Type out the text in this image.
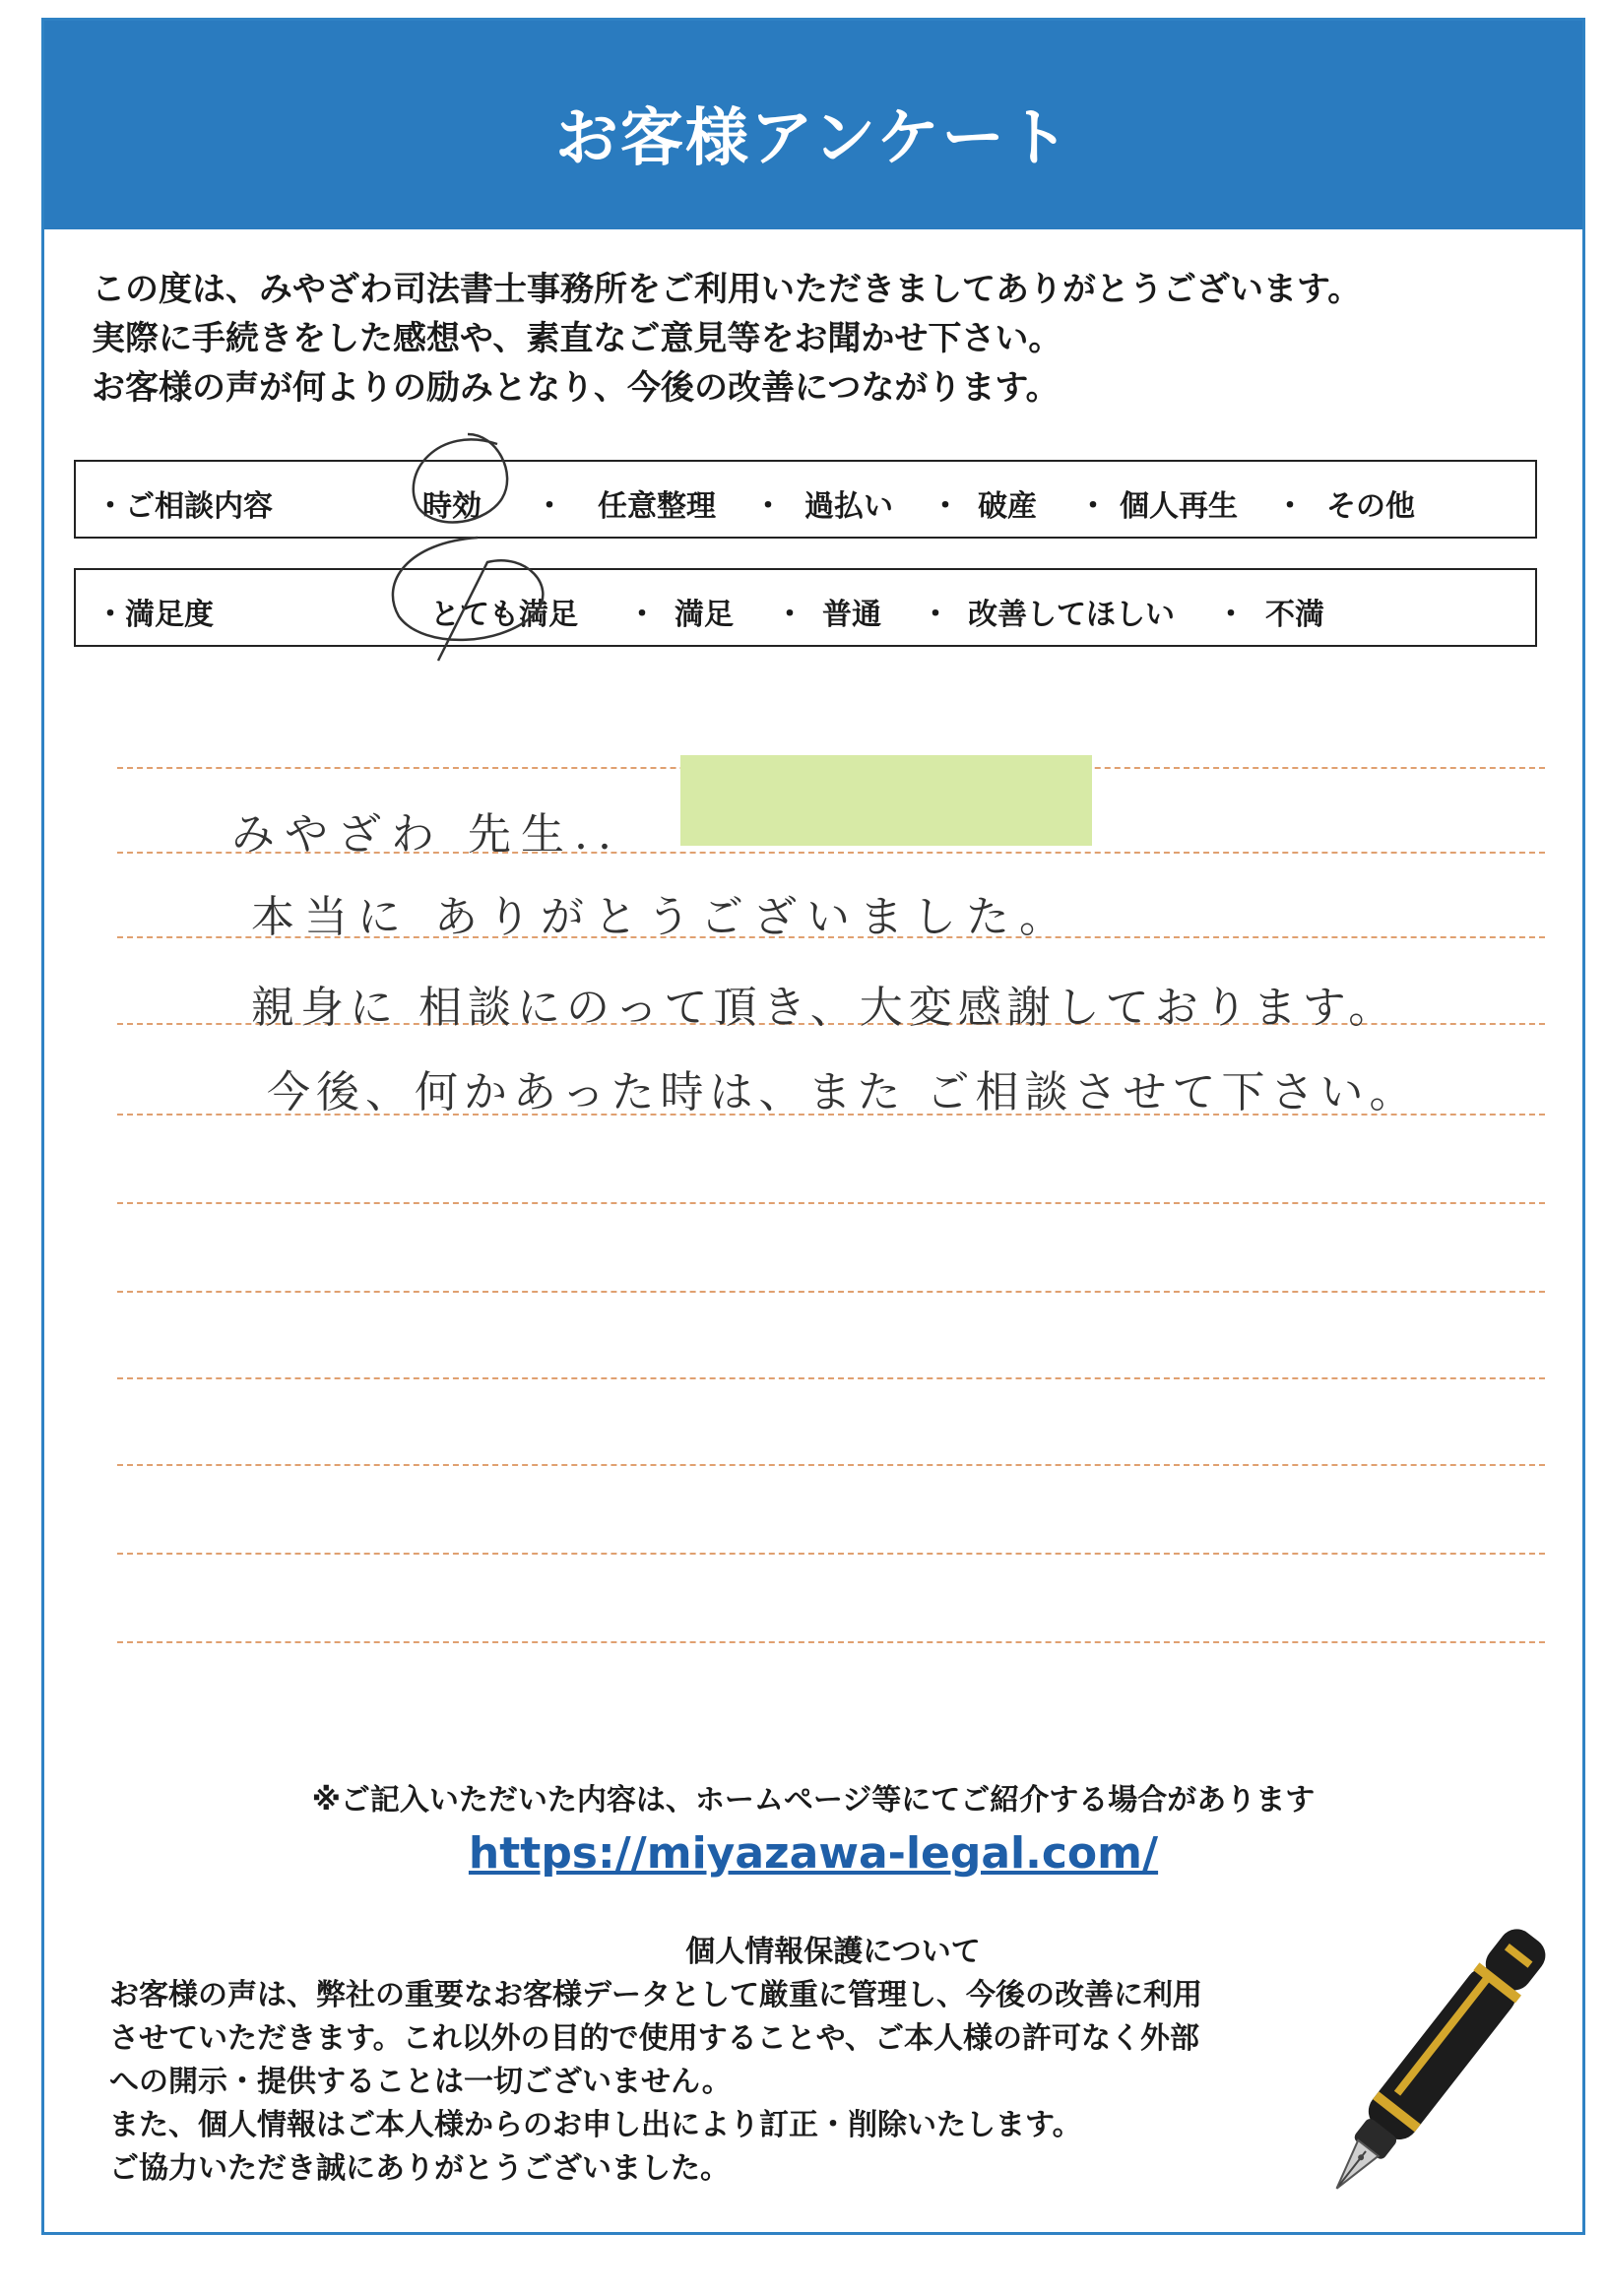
お客様アンケート
この度は、みやざわ司法書士事務所をご利用いただきましてありがとうございます。
実際に手続きをした感想や、素直なご意見等をお聞かせ下さい。
お客様の声が何よりの励みとなり、今後の改善につながります。
・ご相談内容	時効 ・ 任意整理 ・ 過払い ・ 破産 ・ 個人再生 ・ その他
・満足度	とても満足 ・ 満足 ・ 普通 ・ 改善してほしい ・ 不満
みやざわ 先生..
本当に ありがとうございました。
親身に 相談にのって頂き、大変感謝しております。
今後、何かあった時は、また ご相談させて下さい。
※ご記入いただいた内容は、ホームページ等にてご紹介する場合があります
https://miyazawa-legal.com/
個人情報保護について
お客様の声は、弊社の重要なお客様データとして厳重に管理し、今後の改善に利用
させていただきます。これ以外の目的で使用することや、ご本人様の許可なく外部
への開示・提供することは一切ございません。
また、個人情報はご本人様からのお申し出により訂正・削除いたします。
ご協力いただき誠にありがとうございました。
